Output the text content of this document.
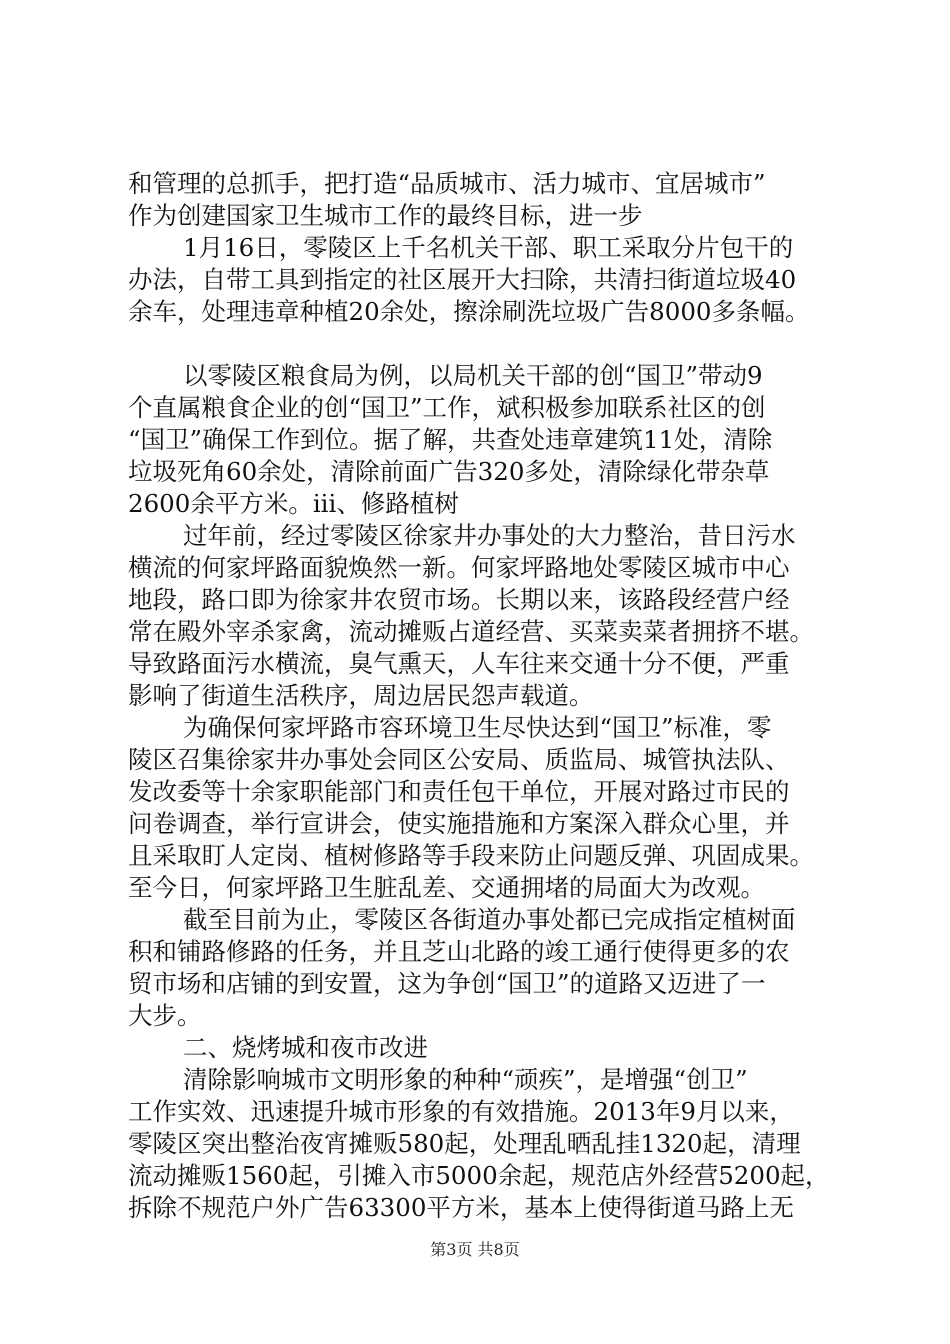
和管理的总抓手，把打造“品质城市、活力城市、宜居城市”
作为创建国家卫生城市工作的最终目标，进一步
1月16日，零陵区上千名机关干部、职工采取分片包干的
办法，自带工具到指定的社区展开大扫除，共清扫街道垃圾40
余车，处理违章种植20余处，擦涂刷洗垃圾广告8000多条幅。
以零陵区粮食局为例，以局机关干部的创“国卫”带动9
个直属粮食企业的创“国卫”工作，斌积极参加联系社区的创
“国卫”确保工作到位。据了解，共查处违章建筑11处，清除
垃圾死角60余处，清除前面广告320多处，清除绿化带杂草
2600余平方米。iii、修路植树
过年前，经过零陵区徐家井办事处的大力整治，昔日污水
横流的何家坪路面貌焕然一新。何家坪路地处零陵区城市中心
地段，路口即为徐家井农贸市场。长期以来，该路段经营户经
常在殿外宰杀家禽，流动摊贩占道经营、买菜卖菜者拥挤不堪。
导致路面污水横流，臭气熏天，人车往来交通十分不便，严重
影响了街道生活秩序，周边居民怨声载道。
为确保何家坪路市容环境卫生尽快达到“国卫”标准，零
陵区召集徐家井办事处会同区公安局、质监局、城管执法队、
发改委等十余家职能部门和责任包干单位，开展对路过市民的
问卷调查，举行宣讲会，使实施措施和方案深入群众心里，并
且采取盯人定岗、植树修路等手段来防止问题反弹、巩固成果。
至今日，何家坪路卫生脏乱差、交通拥堵的局面大为改观。
截至目前为止，零陵区各街道办事处都已完成指定植树面
积和铺路修路的任务，并且芝山北路的竣工通行使得更多的农
贸市场和店铺的到安置，这为争创“国卫”的道路又迈进了一
大步。
二、烧烤城和夜市改进
清除影响城市文明形象的种种“顽疾”，是增强“创卫”
工作实效、迅速提升城市形象的有效措施。2013年9月以来，
零陵区突出整治夜宵摊贩580起，处理乱晒乱挂1320起，清理
流动摊贩1560起，引摊入市5000余起，规范店外经营5200起，
拆除不规范户外广告63300平方米，基本上使得街道马路上无
第3页 共8页
